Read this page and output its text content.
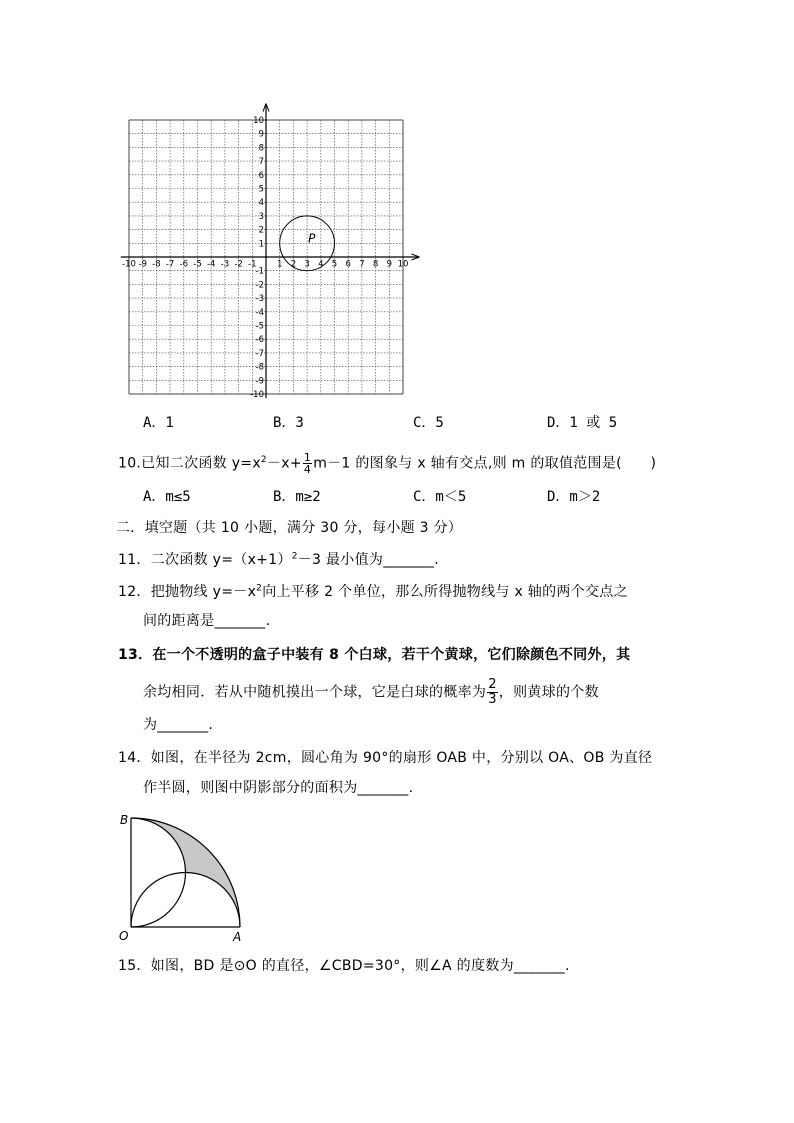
-10 -9 -8 -7 -6 -5 -4 -3 -2 -1 1 2 3 4 5 6 7 8 9 10
10
9
8
7
6
5
4
3
2
1
-1
-2
-3
-4
-5
-6
-7
-8
-9
-10
P
A．1	B．3	C．5	D．1 或 5
10.已知二次函数 $y=x^2-x+ \frac{1}{4} m-1$ 的图象与 x 轴有交点,则 m 的取值范围是(　　)
A．m≤5	B．m≥2	C．m＜5	D．m＞2
二．填空题（共 10 小题，满分 30 分，每小题 3 分）
11．二次函数 $y=(x+1)^2-3$ 最小值为_______.
12．把抛物线 $y=-x^2$向上平移 2 个单位，那么所得抛物线与 x 轴的两个交点之
间的距离是_______.
13．在一个不透明的盒子中装有 8 个白球，若干个黄球，它们除颜色不同外，其
余均相同．若从中随机摸出一个球，它是白球的概率为 $\frac{2}{3}$ ，则黄球的个数
为_______.
14．如图，在半径为 2cm，圆心角为 90°的扇形 OAB 中，分别以 OA、OB 为直径
作半圆，则图中阴影部分的面积为_______.
B
O	A
15．如图，BD 是⊙O 的直径，∠CBD=30°，则∠A 的度数为_______.
